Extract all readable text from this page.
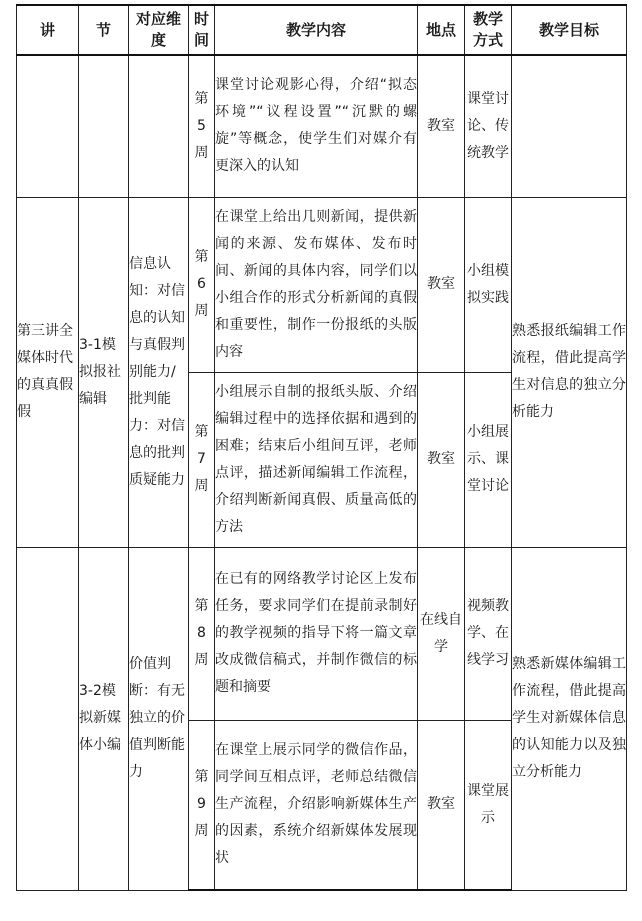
讲	节	对应维度	时间	教学内容	地点	教学方式	教学目标
			第5周	课堂讨论观影心得，介绍“拟态环境”“议程设置”“沉默的螺旋”等概念，使学生们对媒介有更深入的认知	教室	课堂讨论、传统教学	

第三讲全媒体时代的真真假假	3-1模拟报社编辑	信息认知：对信息的认知与真假判别能力/批判能力：对信息的批判质疑能力	第6周	在课堂上给出几则新闻，提供新闻的来源、发布媒体、发布时间、新闻的具体内容，同学们以小组合作的形式分析新闻的真假和重要性，制作一份报纸的头版内容	教室	小组模拟实践	熟悉报纸编辑工作流程，借此提高学生对信息的独立分析能力
			第7周	小组展示自制的报纸头版、介绍编辑过程中的选择依据和遇到的困难；结束后小组间互评，老师点评，描述新闻编辑工作流程，介绍判断新闻真假、质量高低的方法	教室	小组展示、课堂讨论	

	3-2模拟新媒体小编	价值判断：有无独立的价值判断能力	第8周	在已有的网络教学讨论区上发布任务，要求同学们在提前录制好的教学视频的指导下将一篇文章改成微信稿式，并制作微信的标题和摘要	在线自学	视频教学、在线学习	熟悉新媒体编辑工作流程，借此提高学生对新媒体信息的认知能力以及独立分析能力
			第9周	在课堂上展示同学的微信作品，同学间互相点评，老师总结微信生产流程，介绍影响新媒体生产的因素，系统介绍新媒体发展现状	教室	课堂展示	
